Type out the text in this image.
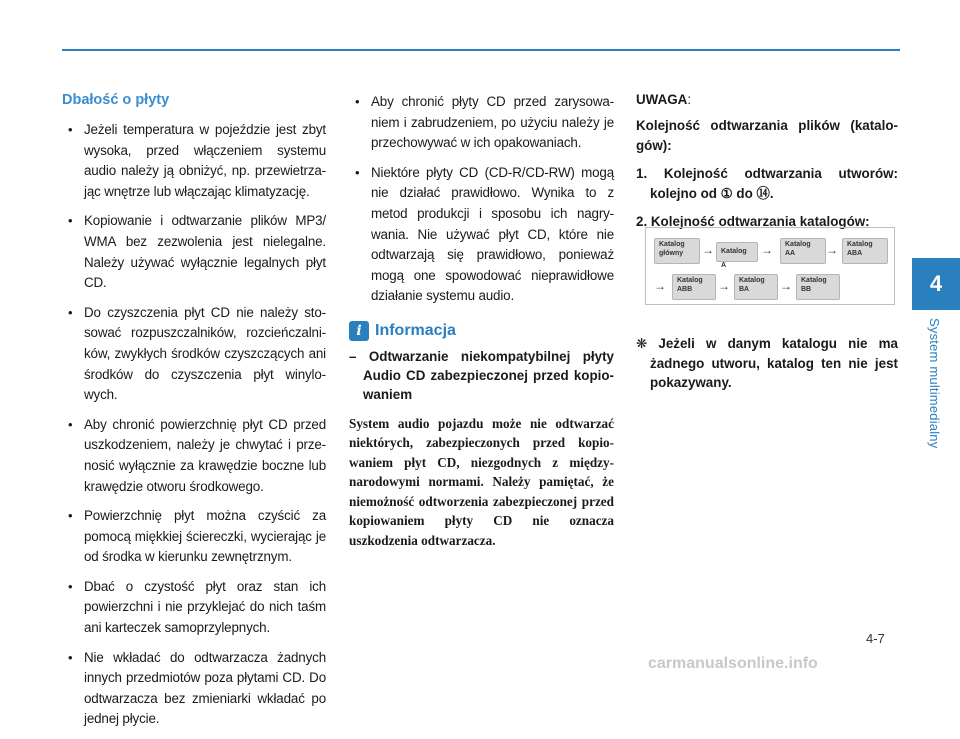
Dbałość o płyty
• Jeżeli temperatura w pojeździe jest zbyt wysoka, przed włączeniem systemu audio należy ją obniżyć, np. przewietrza-jąc wnętrze lub włączając klimatyzację.
• Kopiowanie i odtwarzanie plików MP3/ WMA bez zezwolenia jest nielegalne. Należy używać wyłącznie legalnych płyt CD.
• Do czyszczenia płyt CD nie należy sto-sować rozpuszczalników, rozcieńczalni-ków, zwykłych środków czyszczących ani środków do czyszczenia płyt winylo-wych.
• Aby chronić powierzchnię płyt CD przed uszkodzeniem, należy je chwytać i prze-nosić wyłącznie za krawędzie boczne lub krawędzie otworu środkowego.
• Powierzchnię płyt można czyścić za pomocą miękkiej ściereczki, wycierając je od środka w kierunku zewnętrznym.
• Dbać o czystość płyt oraz stan ich powierzchni i nie przyklejać do nich taśm ani karteczek samoprzylepnych.
• Nie wkładać do odtwarzacza żadnych innych przedmiotów poza płytami CD. Do odtwarzacza bez zmieniarki wkładać po jednej płycie.
• Aby chronić płyty CD przed zarysowa-niem i zabrudzeniem, po użyciu należy je przechowywać w ich opakowaniach.
• Niektóre płyty CD (CD-R/CD-RW) mogą nie działać prawidłowo. Wynika to z metod produkcji i sposobu ich nagry-wania. Nie używać płyt CD, które nie odtwarzają się prawidłowo, ponieważ mogą one spowodować nieprawidłowe działanie systemu audio.
i Informacja
– Odtwarzanie niekompatybilnej płyty Audio CD zabezpieczonej przed kopio-waniem
System audio pojazdu może nie odtwarzać niektórych, zabezpieczonych przed kopio-waniem płyt CD, niezgodnych z między-narodowymi normami. Należy pamiętać, że niemożność odtworzenia zabezpieczonej przed kopiowaniem płyty CD nie oznacza uszkodzenia odtwarzacza.
UWAGA:
Kolejność odtwarzania plików (katalo-gów):
1. Kolejność odtwarzania utworów: kolejno od ① do ⑭.
2. Kolejność odtwarzania katalogów:
Katalog główny	→	Katalog A
→	Katalog AA	→	Katalog ABA
→	Katalog ABB	→	Katalog BA	→	Katalog BB
❋ Jeżeli w danym katalogu nie ma żadnego utworu, katalog ten nie jest pokazywany.
4
System multimedialny
4-7
carmanualsonline.info
